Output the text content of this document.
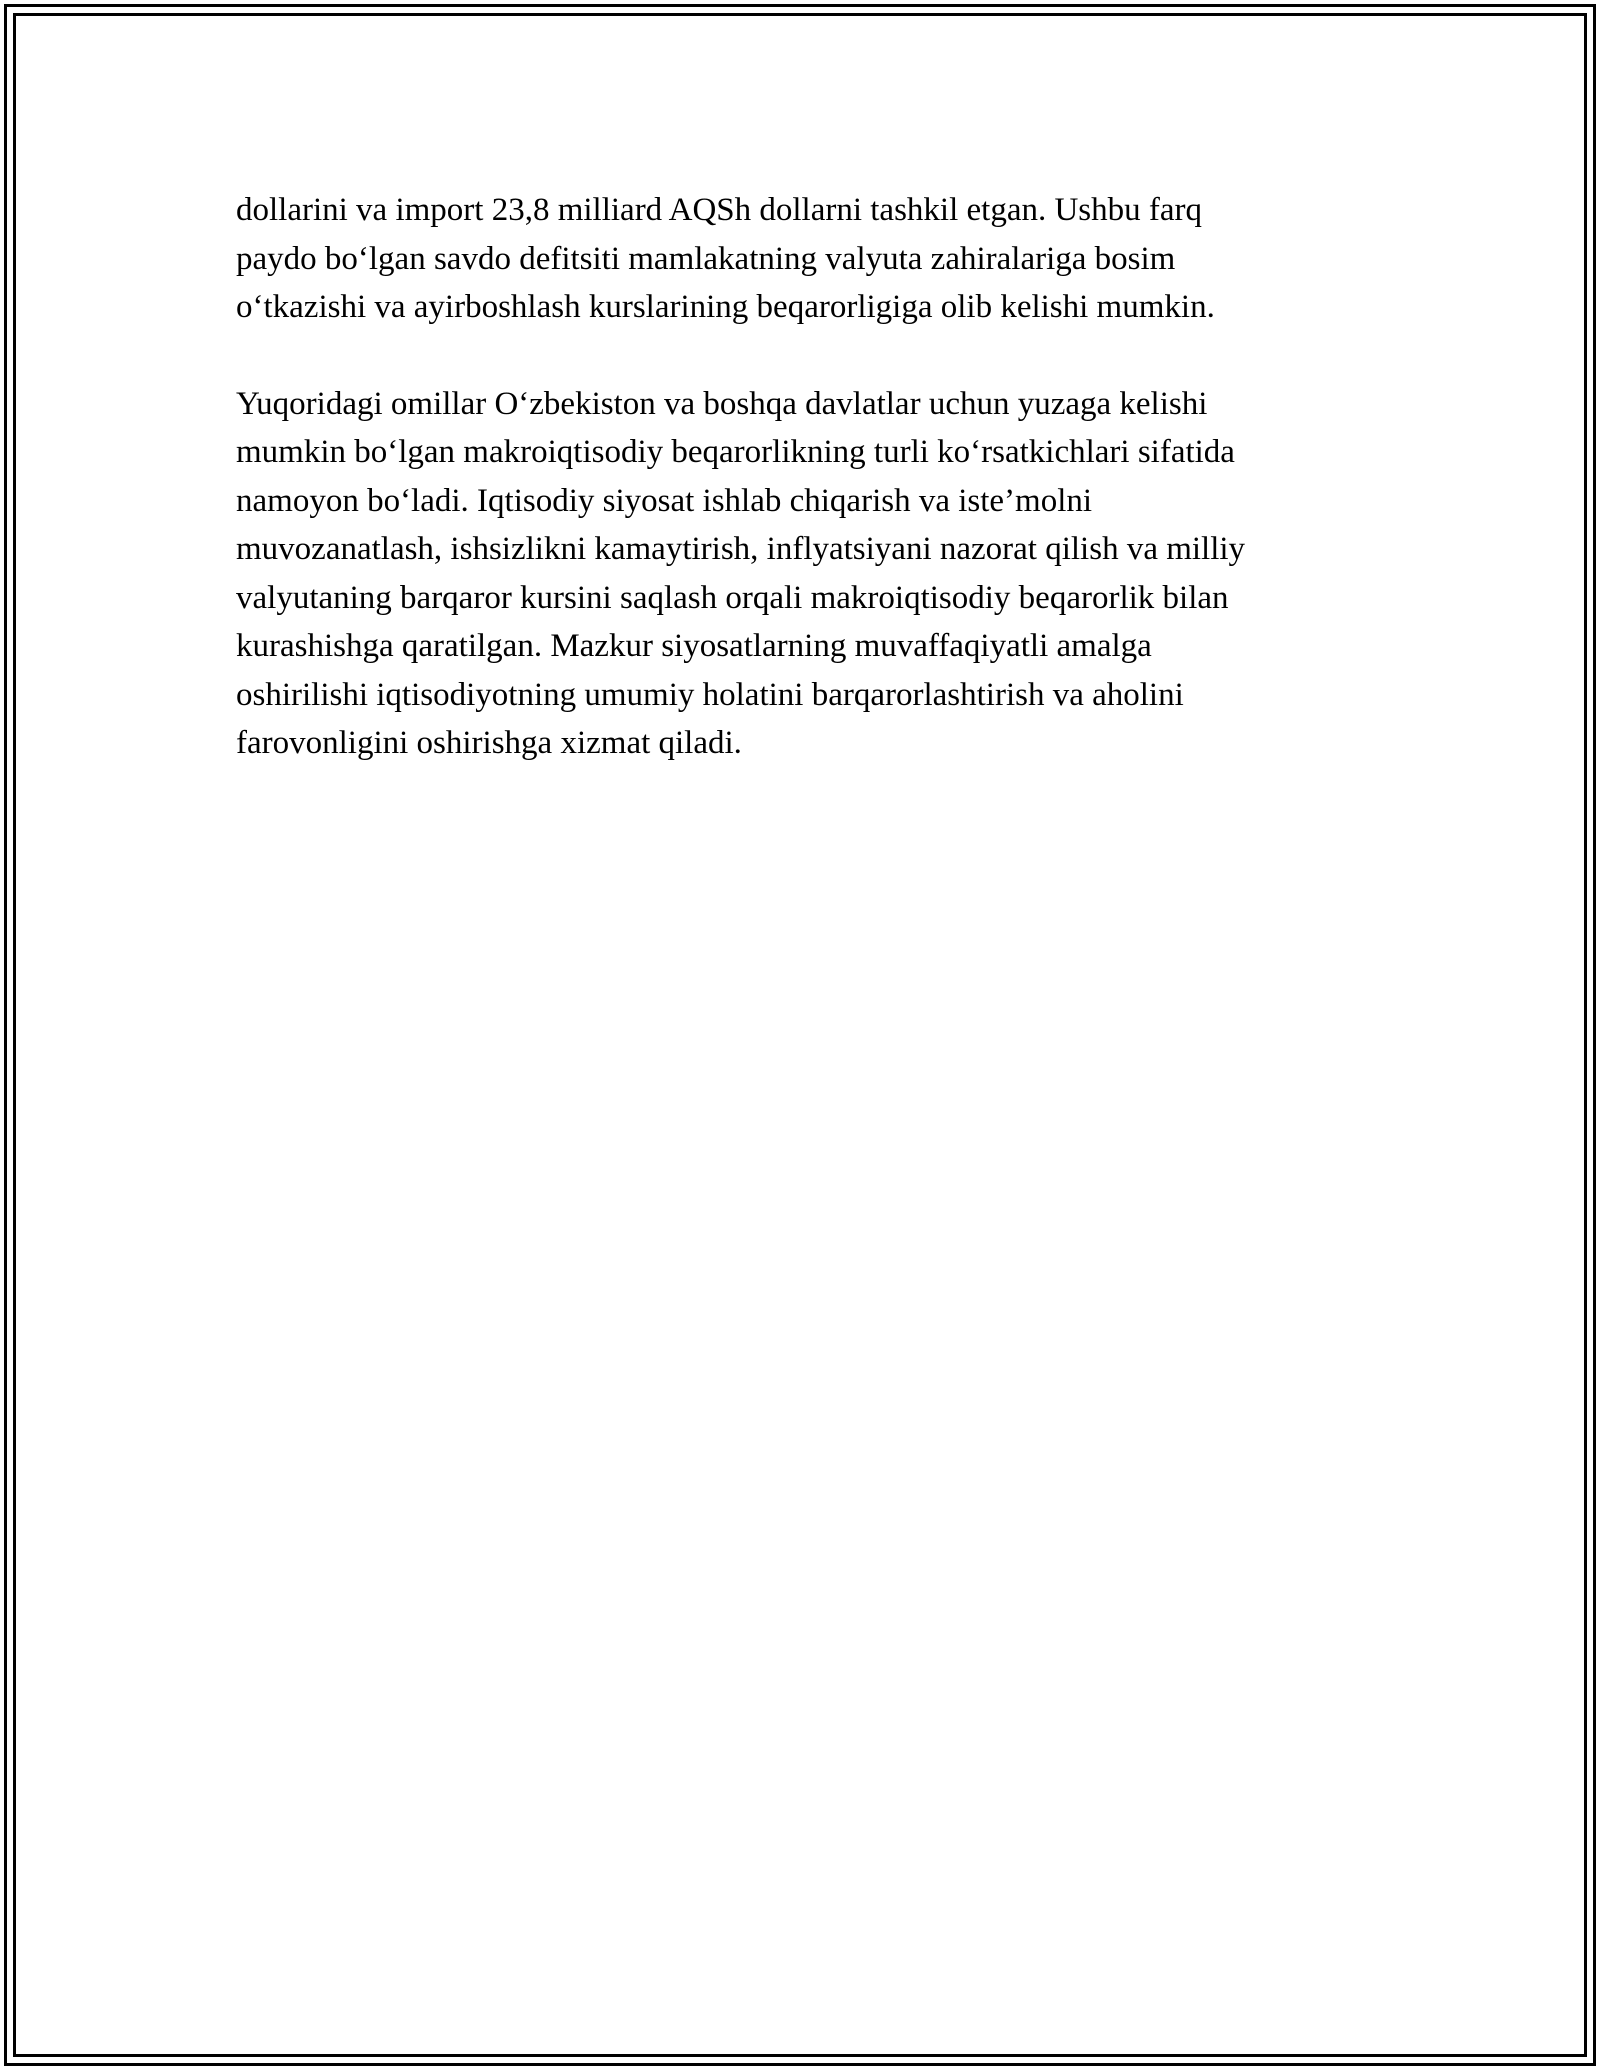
dollarini va import 23,8 milliard AQSh dollarni tashkil etgan. Ushbu farq
paydo bo‘lgan savdo defitsiti mamlakatning valyuta zahiralariga bosim
o‘tkazishi va ayirboshlash kurslarining beqarorligiga olib kelishi mumkin.

Yuqoridagi omillar O‘zbekiston va boshqa davlatlar uchun yuzaga kelishi
mumkin bo‘lgan makroiqtisodiy beqarorlikning turli ko‘rsatkichlari sifatida
namoyon bo‘ladi. Iqtisodiy siyosat ishlab chiqarish va iste’molni
muvozanatlash, ishsizlikni kamaytirish, inflyatsiyani nazorat qilish va milliy
valyutaning barqaror kursini saqlash orqali makroiqtisodiy beqarorlik bilan
kurashishga qaratilgan. Mazkur siyosatlarning muvaffaqiyatli amalga
oshirilishi iqtisodiyotning umumiy holatini barqarorlashtirish va aholini
farovonligini oshirishga xizmat qiladi.
